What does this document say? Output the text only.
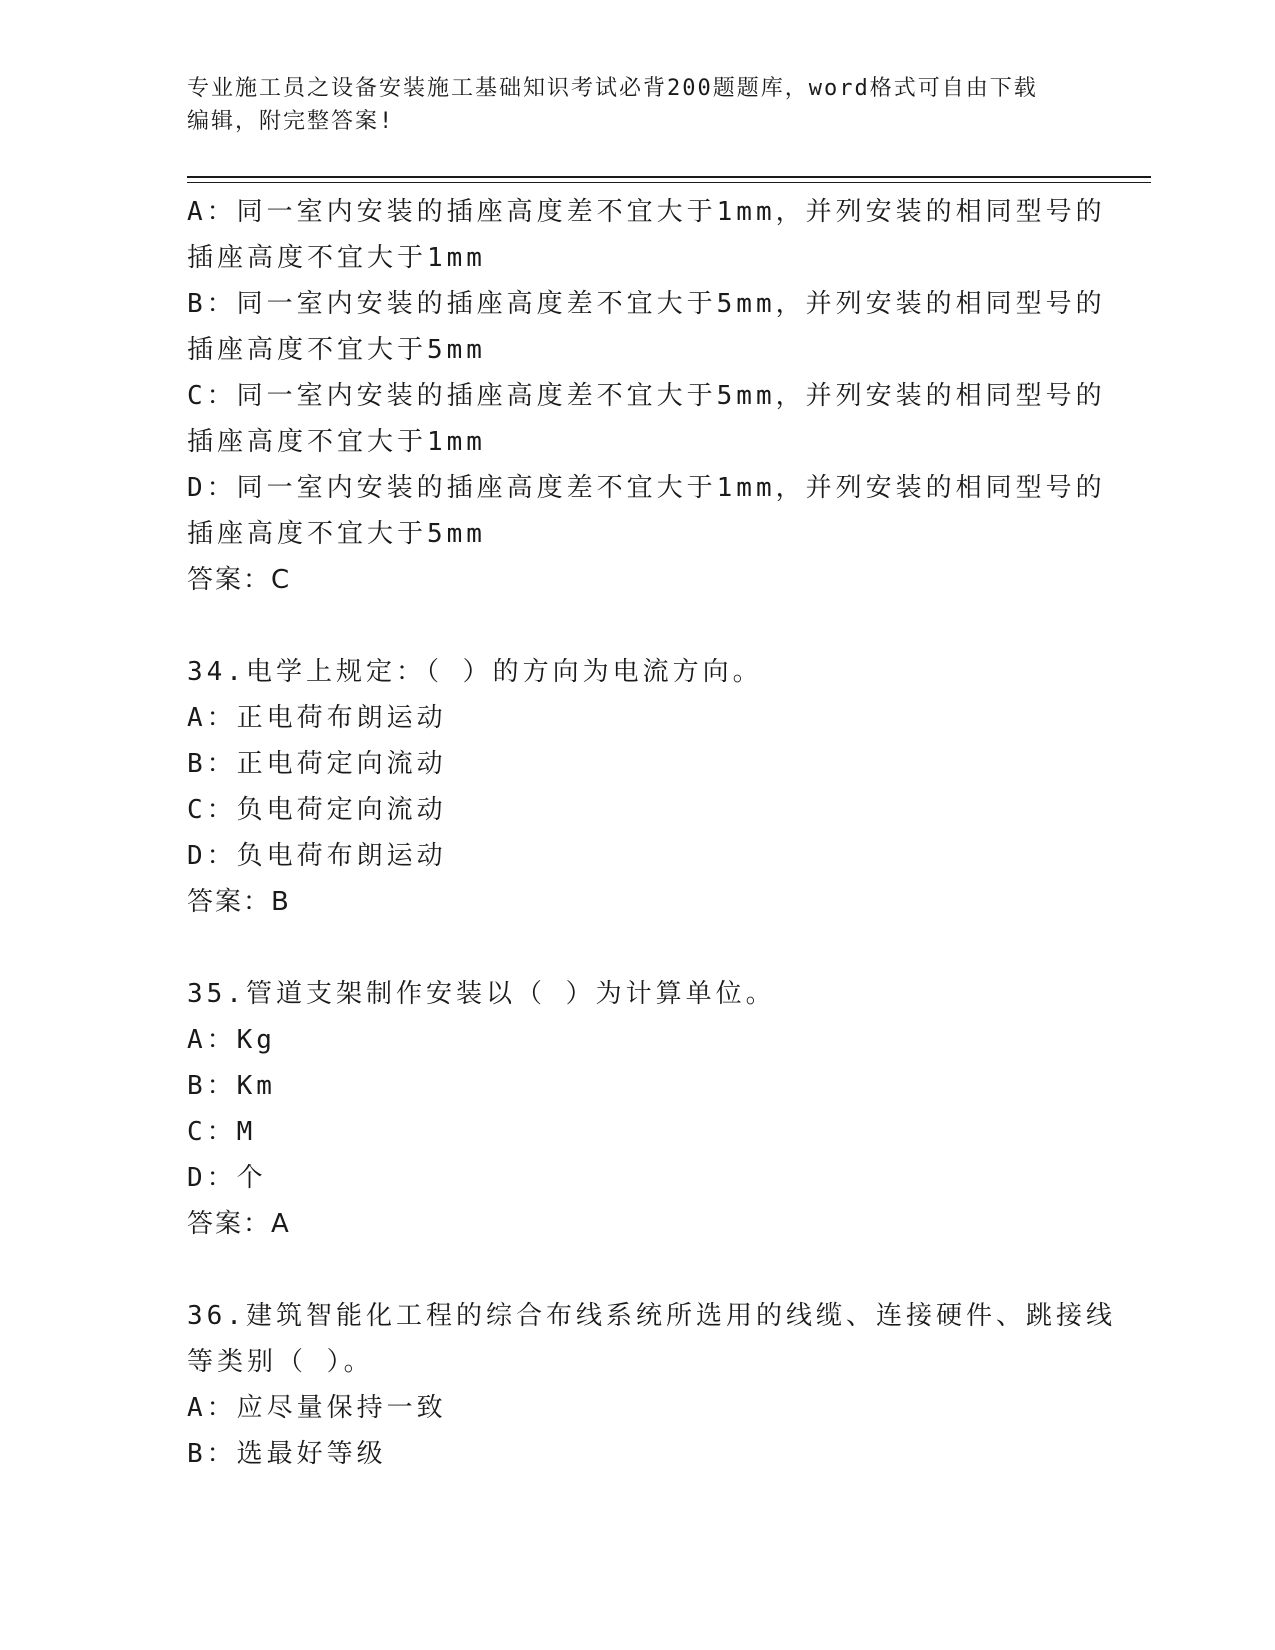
专业施工员之设备安装施工基础知识考试必背200题题库，word格式可自由下载
编辑，附完整答案!
A：同一室内安装的插座高度差不宜大于1mm，并列安装的相同型号的
插座高度不宜大于1mm
B：同一室内安装的插座高度差不宜大于5mm，并列安装的相同型号的
插座高度不宜大于5mm
C：同一室内安装的插座高度差不宜大于5mm，并列安装的相同型号的
插座高度不宜大于1mm
D：同一室内安装的插座高度差不宜大于1mm，并列安装的相同型号的
插座高度不宜大于5mm
答案：C
34.电学上规定：（ ）的方向为电流方向。
A：正电荷布朗运动
B：正电荷定向流动
C：负电荷定向流动
D：负电荷布朗运动
答案：B
35.管道支架制作安装以（ ）为计算单位。
A：Kg
B：Km
C：M
D：个
答案：A
36.建筑智能化工程的综合布线系统所选用的线缆、连接硬件、跳接线
等类别（ ）。
A：应尽量保持一致
B：选最好等级
